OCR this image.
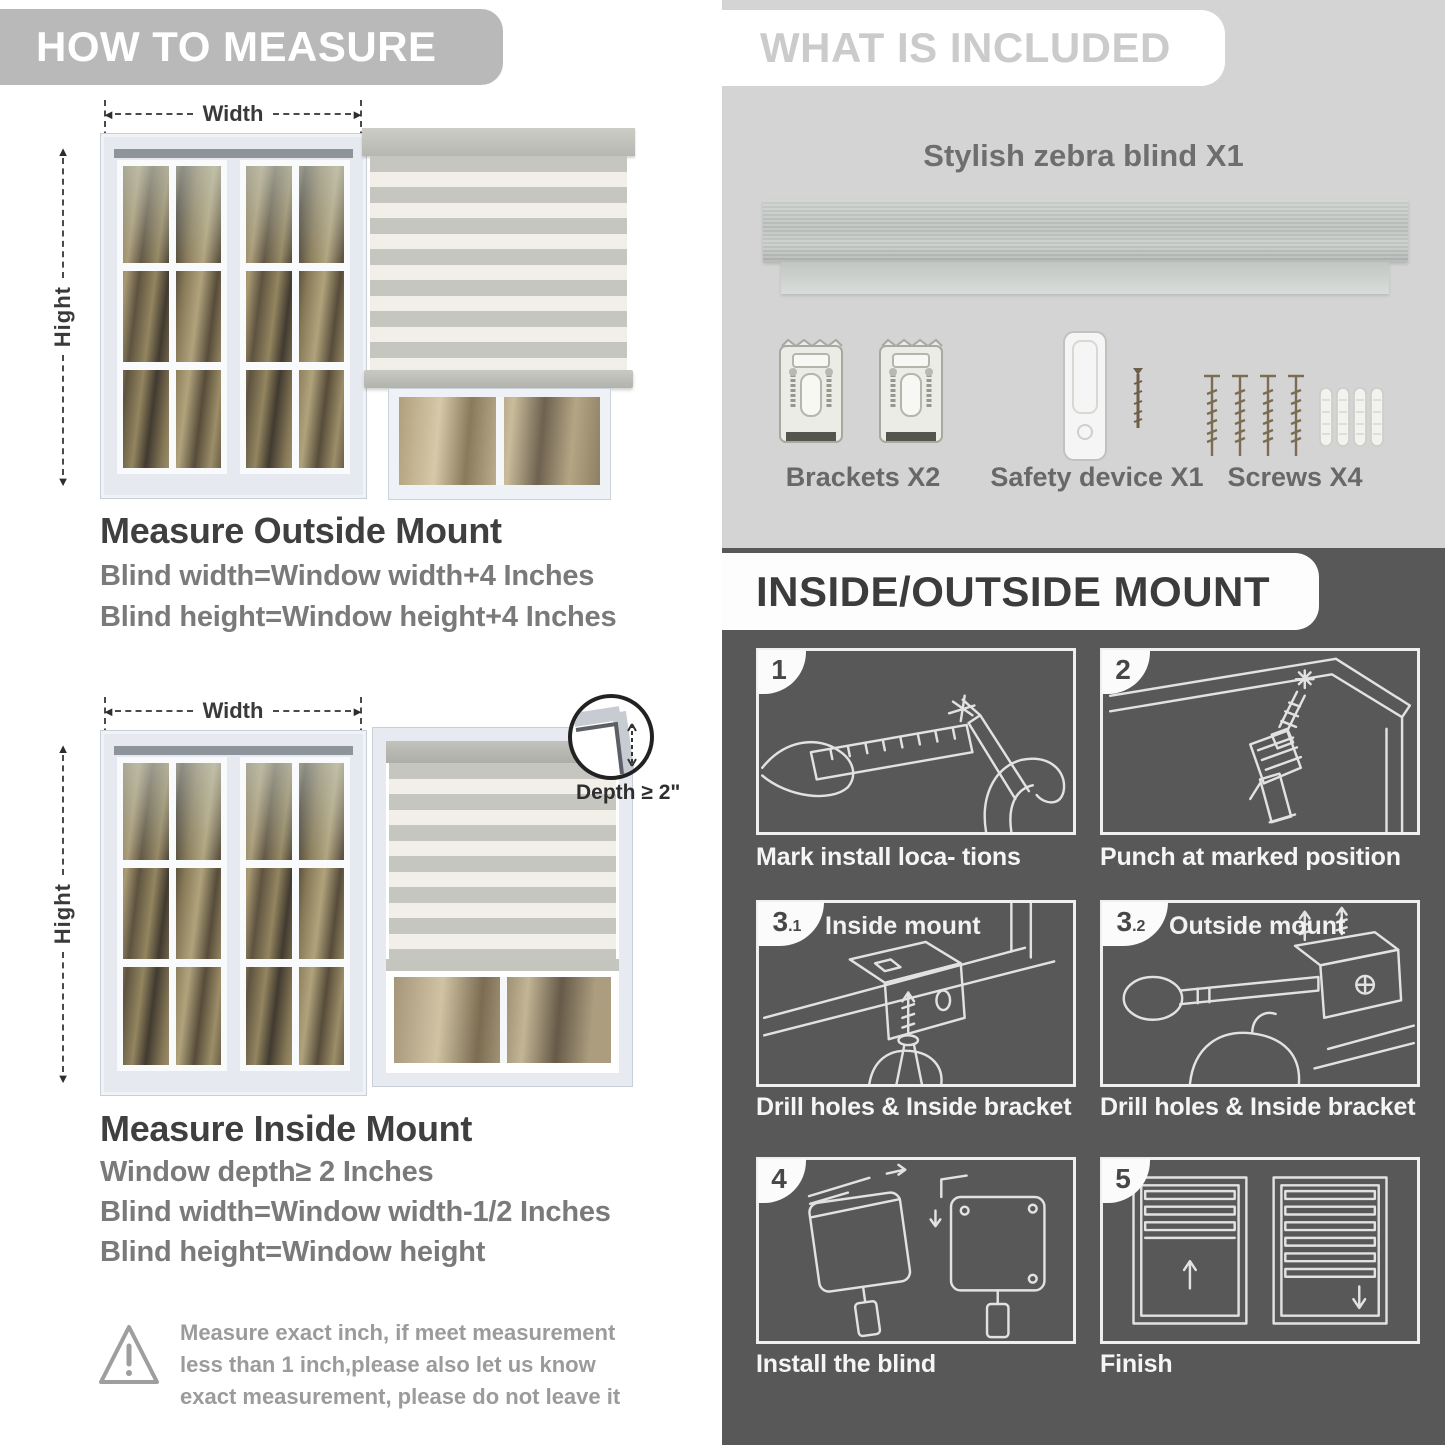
HOW TO MEASURE
◄	Width	►
▲
Hight
▼
Measure Outside Mount
Blind width=Window width+4 Inches
Blind height=Window height+4 Inches
◄	Width	►
▲
Hight
▼
Depth ≥ 2"
Measure Inside Mount
Window depth≥ 2 Inches
Blind width=Window width-1/2 Inches
Blind height=Window height
Measure exact inch, if meet measurement less than 1 inch,please also let us know exact measurement, please do not leave it
WHAT IS INCLUDED
Stylish zebra blind X1
Brackets X2	Safety device X1 Screws X4
INSIDE/OUTSIDE MOUNT
1
Mark install loca- tions
2
Punch at marked position
3 .1 Inside mount
Drill holes & Inside bracket
3 .2 Outside mount
Drill holes & Inside bracket
4
Install the blind
5
Finish
